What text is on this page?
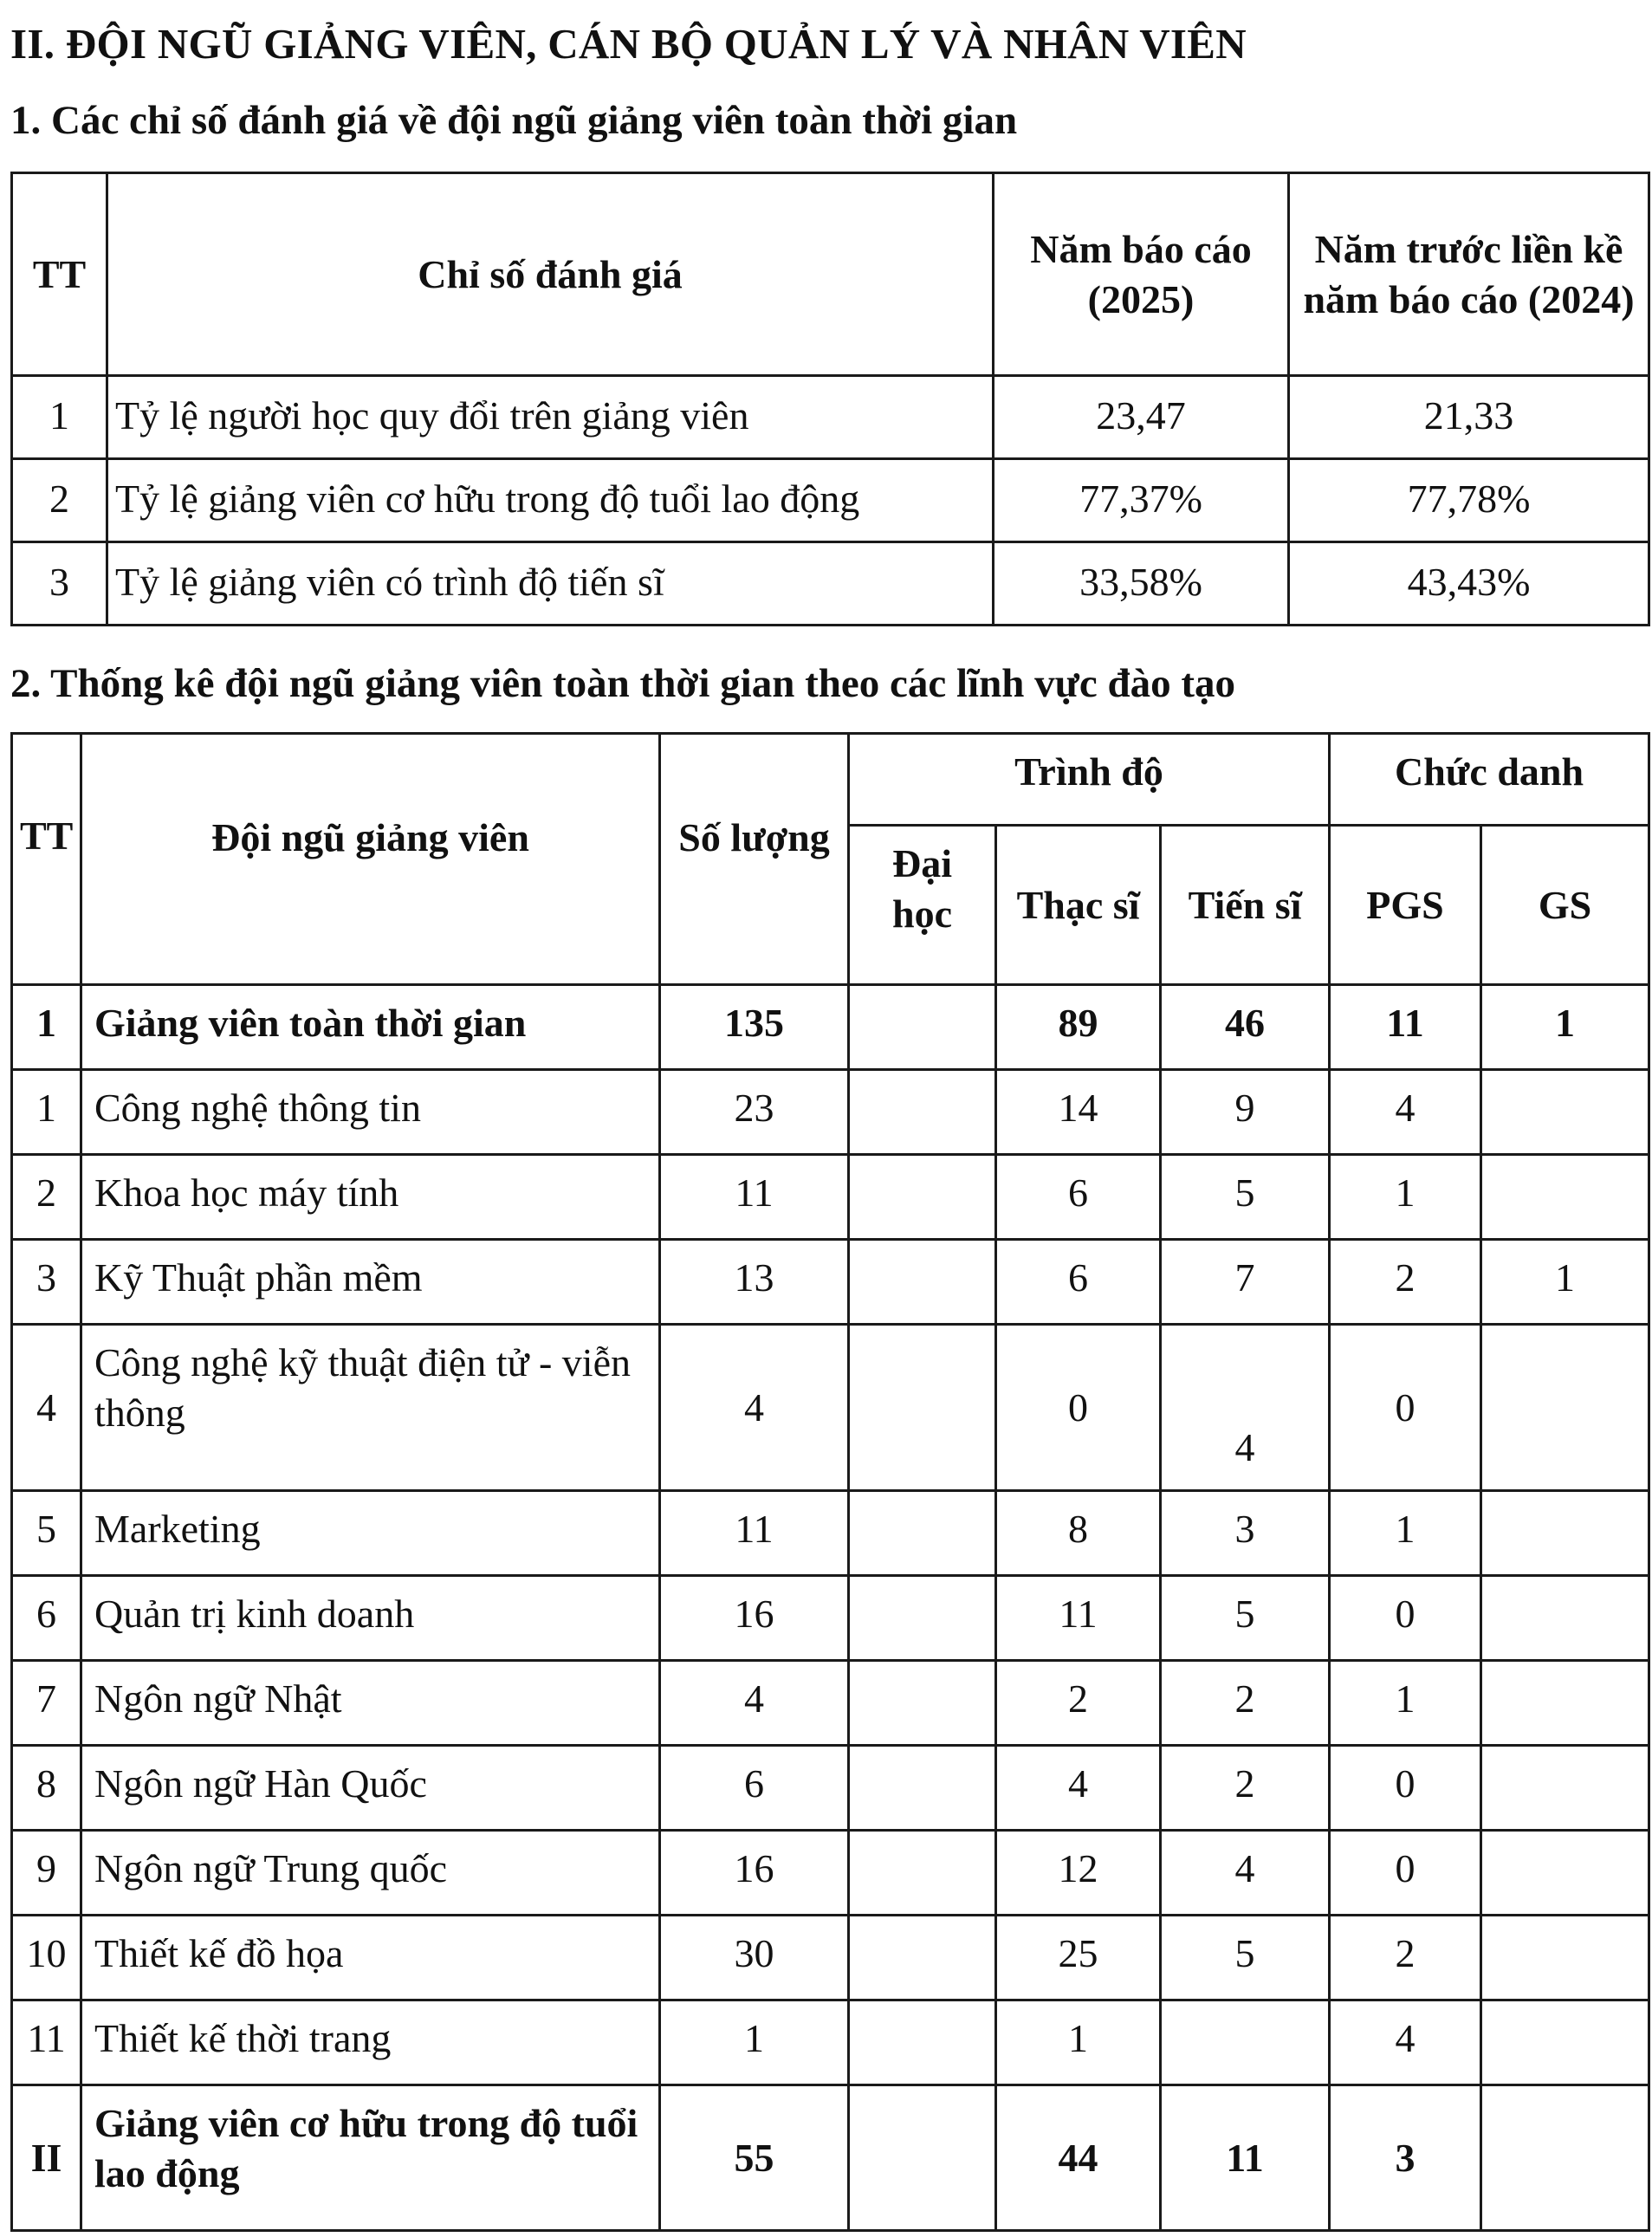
II. ĐỘI NGŨ GIẢNG VIÊN, CÁN BỘ QUẢN LÝ VÀ NHÂN VIÊN
1. Các chỉ số đánh giá về đội ngũ giảng viên toàn thời gian
TT	Chỉ số đánh giá	Năm báo cáo (2025)	Năm trước liền kề năm báo cáo (2024)
1	Tỷ lệ người học quy đổi trên giảng viên	23,47	21,33
2	Tỷ lệ giảng viên cơ hữu trong độ tuổi lao động	77,37%	77,78%
3	Tỷ lệ giảng viên có trình độ tiến sĩ	33,58%	43,43%
2. Thống kê đội ngũ giảng viên toàn thời gian theo các lĩnh vực đào tạo
TT	Đội ngũ giảng viên	Số lượng	Trình độ			Chức danh	
			Đại học	Thạc sĩ	Tiến sĩ	PGS	GS
1	Giảng viên toàn thời gian	135		89	46	11	1
1	Công nghệ thông tin	23		14	9	4	
2	Khoa học máy tính	11		6	5	1	
3	Kỹ Thuật phần mềm	13		6	7	2	1
4	Công nghệ kỹ thuật điện tử - viễn thông	4		0	4	0	
5	Marketing	11		8	3	1	
6	Quản trị kinh doanh	16		11	5	0	
7	Ngôn ngữ Nhật	4		2	2	1	
8	Ngôn ngữ Hàn Quốc	6		4	2	0	
9	Ngôn ngữ Trung quốc	16		12	4	0	
10	Thiết kế đồ họa	30		25	5	2	
11	Thiết kế thời trang	1		1		4	
II	Giảng viên cơ hữu trong độ tuổi lao động	55		44	11	3	
